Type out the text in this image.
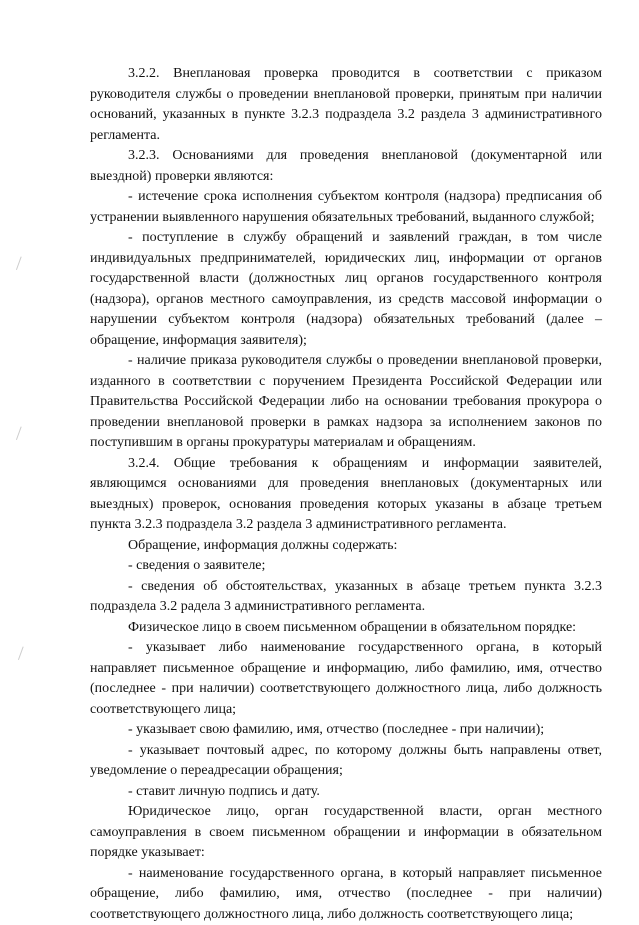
3.2.2. Внеплановая проверка проводится в соответствии с приказом руководителя службы о проведении внеплановой проверки, принятым при наличии оснований, указанных в пункте 3.2.3 подраздела 3.2 раздела 3 административного регламента.

3.2.3. Основаниями для проведения внеплановой (документарной или выездной) проверки являются:

- истечение срока исполнения субъектом контроля (надзора) предписания об устранении выявленного нарушения обязательных требований, выданного службой;

- поступление в службу обращений и заявлений граждан, в том числе индивидуальных предпринимателей, юридических лиц, информации от органов государственной власти (должностных лиц органов государственного контроля (надзора), органов местного самоуправления, из средств массовой информации о нарушении субъектом контроля (надзора) обязательных требований (далее – обращение, информация заявителя);

- наличие приказа руководителя службы о проведении внеплановой проверки, изданного в соответствии с поручением Президента Российской Федерации или Правительства Российской Федерации либо на основании требования прокурора о проведении внеплановой проверки в рамках надзора за исполнением законов по поступившим в органы прокуратуры материалам и обращениям.

3.2.4. Общие требования к обращениям и информации заявителей, являющимся основаниями для проведения внеплановых (документарных или выездных) проверок, основания проведения которых указаны в абзаце третьем пункта 3.2.3 подраздела 3.2 раздела 3 административного регламента.

Обращение, информация должны содержать:

- сведения о заявителе;

- сведения об обстоятельствах, указанных в абзаце третьем пункта 3.2.3 подраздела 3.2 радела 3 административного регламента.

Физическое лицо в своем письменном обращении в обязательном порядке:

- указывает либо наименование государственного органа, в который направляет письменное обращение и информацию, либо фамилию, имя, отчество (последнее - при наличии) соответствующего должностного лица, либо должность соответствующего лица;

- указывает свою фамилию, имя, отчество (последнее - при наличии);

- указывает почтовый адрес, по которому должны быть направлены ответ, уведомление о переадресации обращения;

- ставит личную подпись и дату.

Юридическое лицо, орган государственной власти, орган местного самоуправления в своем письменном обращении и информации в обязательном порядке указывает:

- наименование государственного органа, в который направляет письменное обращение, либо фамилию, имя, отчество (последнее - при наличии) соответствующего должностного лица, либо должность соответствующего лица;
